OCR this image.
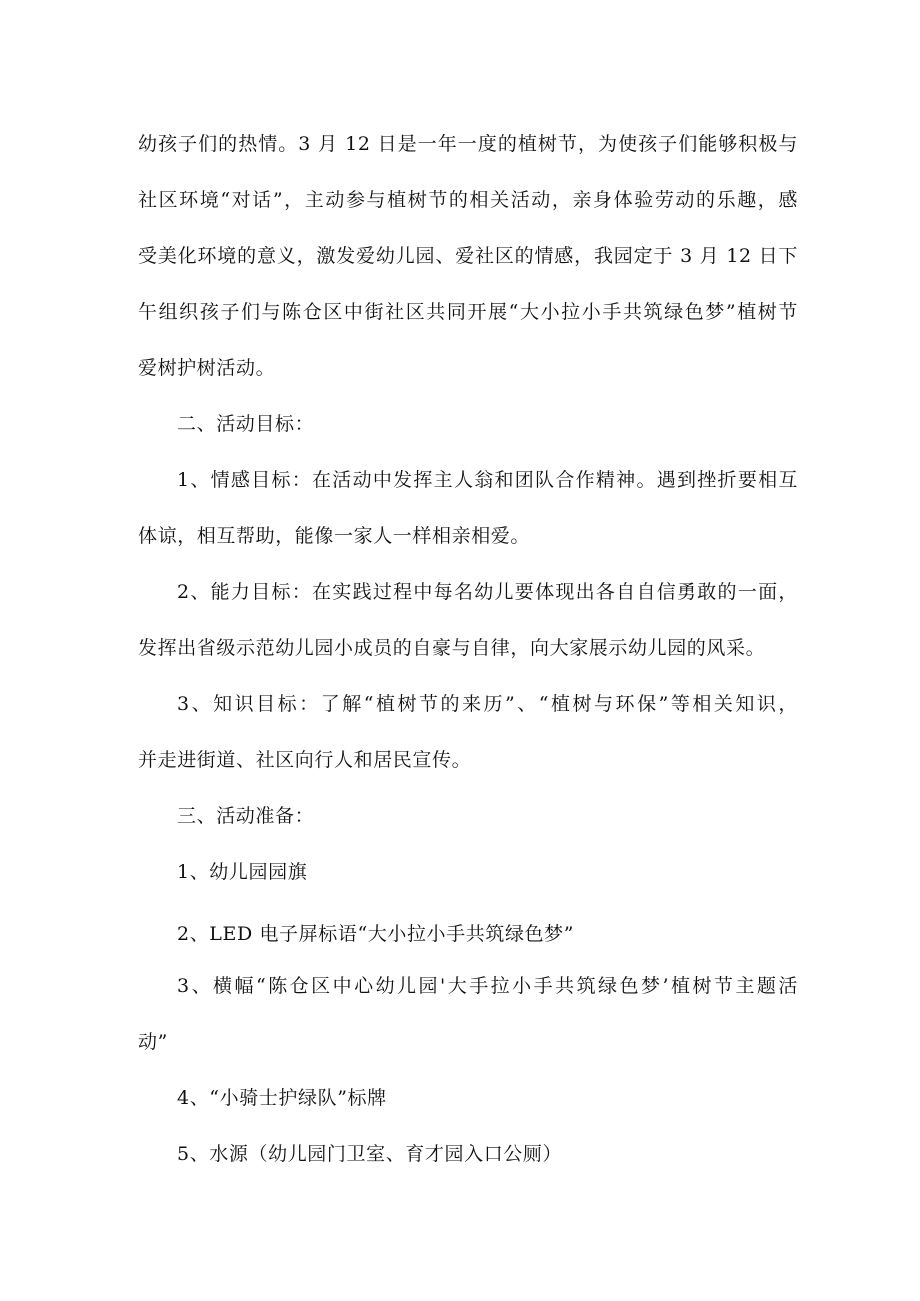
幼孩子们的热情。3 月 12 日是一年一度的植树节，为使孩子们能够积极与
社区环境“对话”，主动参与植树节的相关活动，亲身体验劳动的乐趣，感
受美化环境的意义，激发爱幼儿园、爱社区的情感，我园定于 3 月 12 日下
午组织孩子们与陈仓区中街社区共同开展“大小拉小手共筑绿色梦”植树节
爱树护树活动。
二、活动目标：
1、情感目标：在活动中发挥主人翁和团队合作精神。遇到挫折要相互
体谅，相互帮助，能像一家人一样相亲相爱。
2、能力目标：在实践过程中每名幼儿要体现出各自自信勇敢的一面，
发挥出省级示范幼儿园小成员的自豪与自律，向大家展示幼儿园的风采。
3、知识目标：了解“植树节的来历”、“植树与环保”等相关知识，
并走进街道、社区向行人和居民宣传。
三、活动准备：
1、幼儿园园旗
2、LED 电子屏标语“大小拉小手共筑绿色梦”
3、横幅“陈仓区中心幼儿园'大手拉小手共筑绿色梦’植树节主题活
动”
4、“小骑士护绿队”标牌
5、水源（幼儿园门卫室、育才园入口公厕）
